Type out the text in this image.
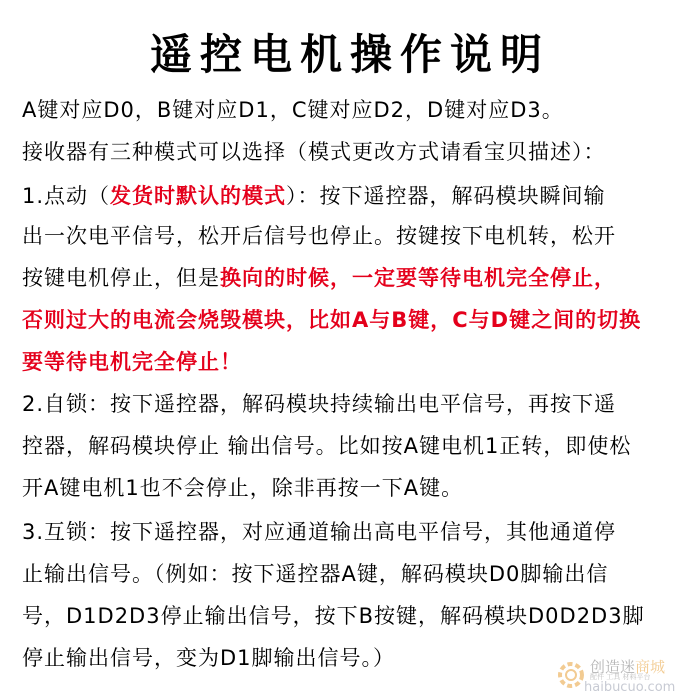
遥控电机操作说明
A键对应D0，B键对应D1，C键对应D2，D键对应D3。
接收器有三种模式可以选择（模式更改方式请看宝贝描述）：
1.点动（发货时默认的模式）：按下遥控器，解码模块瞬间输
出一次电平信号，松开后信号也停止。按键按下电机转，松开
按键电机停止，但是换向的时候，一定要等待电机完全停止，
否则过大的电流会烧毁模块，比如A与B键，C与D键之间的切换
要等待电机完全停止！
2.自锁：按下遥控器，解码模块持续输出电平信号，再按下遥
控器，解码模块停止 输出信号。比如按A键电机1正转，即使松
开A键电机1也不会停止，除非再按一下A键。
3.互锁：按下遥控器，对应通道输出高电平信号，其他通道停
止输出信号。（例如：按下遥控器A键，解码模块D0脚输出信
号，D1D2D3停止输出信号，按下B按键，解码模块D0D2D3脚
停止输出信号，变为D1脚输出信号。）	创造迷商城
配件 工具 材料平台
haibucuo.com
